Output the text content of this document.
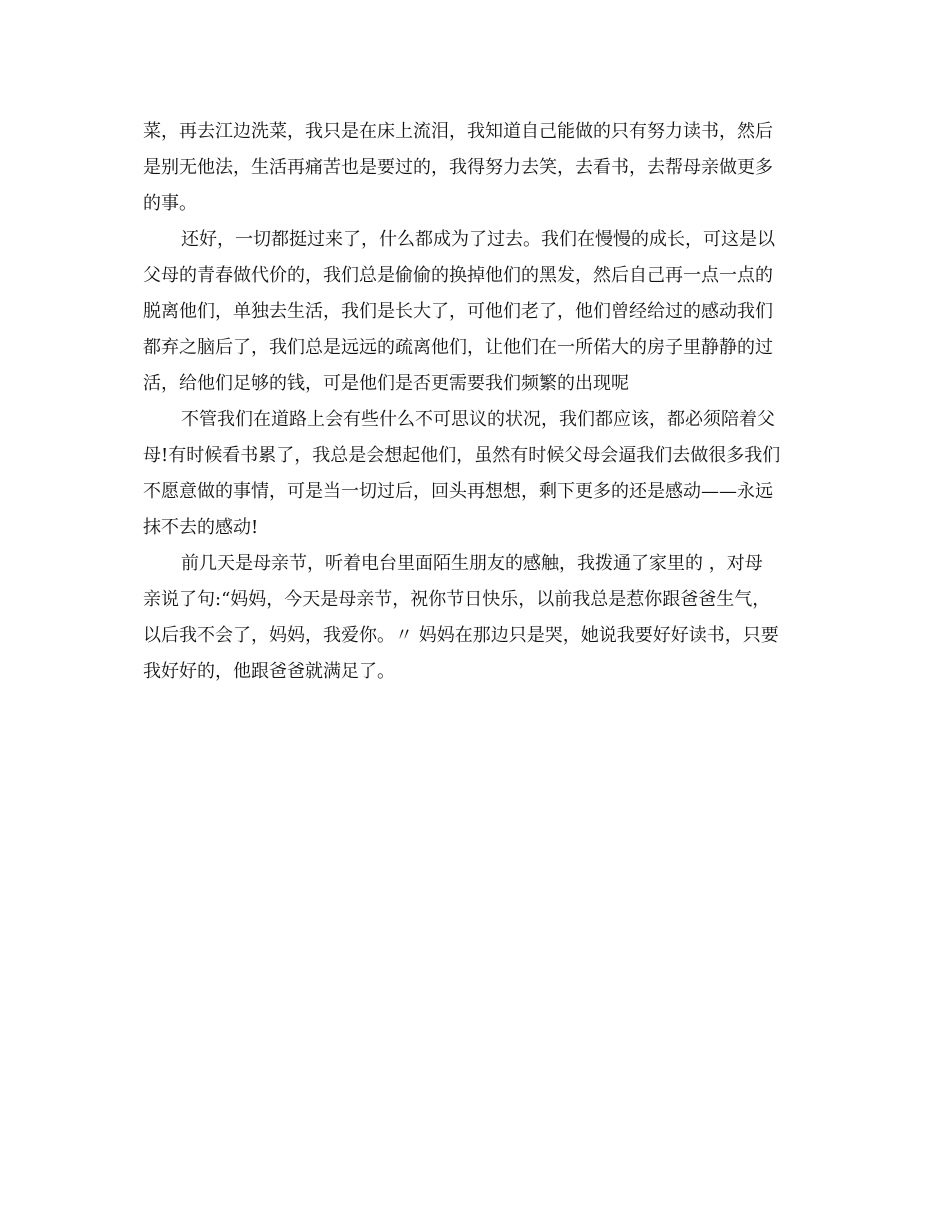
菜，再去江边洗菜，我只是在床上流泪，我知道自己能做的只有努力读书，然后
是别无他法，生活再痛苦也是要过的，我得努力去笑，去看书，去帮母亲做更多
的事。
还好，一切都挺过来了，什么都成为了过去。我们在慢慢的成长，可这是以
父母的青春做代价的，我们总是偷偷的换掉他们的黑发，然后自己再一点一点的
脱离他们，单独去生活，我们是长大了，可他们老了，他们曾经给过的感动我们
都弃之脑后了，我们总是远远的疏离他们，让他们在一所偌大的房子里静静的过
活，给他们足够的钱，可是他们是否更需要我们频繁的出现呢
不管我们在道路上会有些什么不可思议的状况，我们都应该，都必须陪着父
母!有时候看书累了，我总是会想起他们，虽然有时候父母会逼我们去做很多我们
不愿意做的事情，可是当一切过后，回头再想想，剩下更多的还是感动——永远
抹不去的感动!
前几天是母亲节，听着电台里面陌生朋友的感触，我拨通了家里的 ，对母
亲说了句:“妈妈，今天是母亲节，祝你节日快乐，以前我总是惹你跟爸爸生气，
以后我不会了，妈妈，我爱你。〃 妈妈在那边只是哭，她说我要好好读书，只要
我好好的，他跟爸爸就满足了。
